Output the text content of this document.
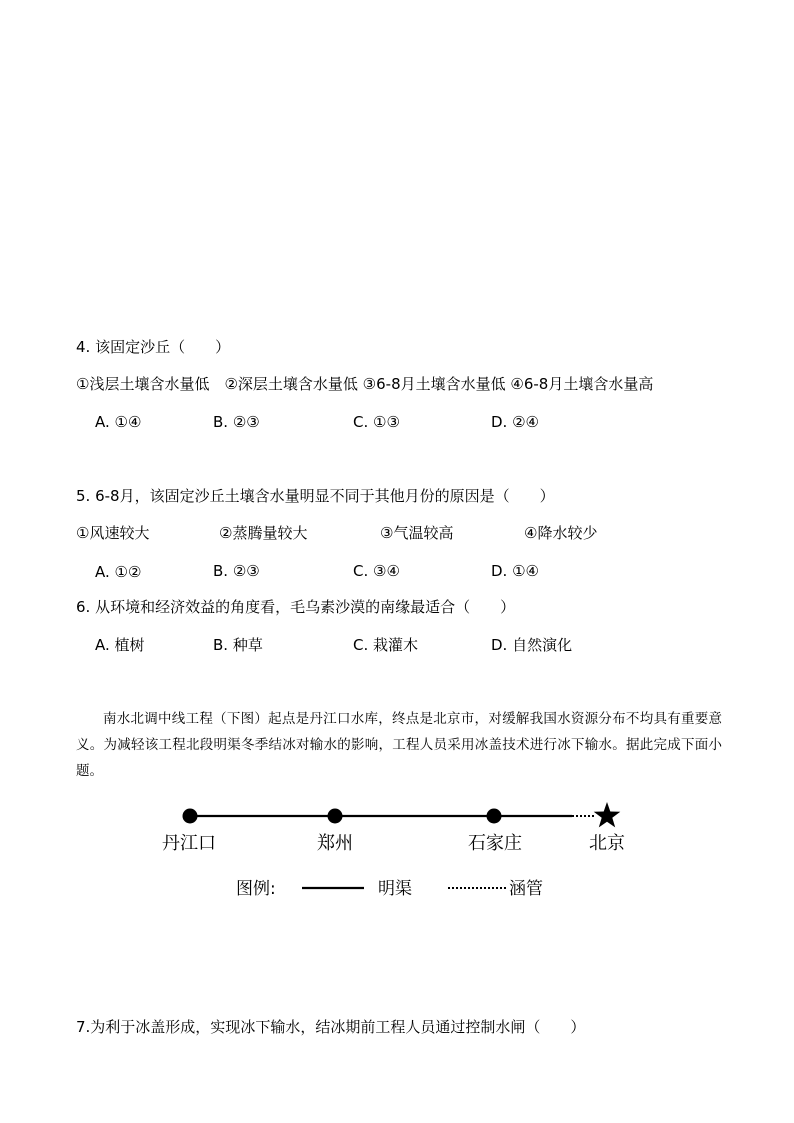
4. 该固定沙丘（　　）
①浅层土壤含水量低　②深层土壤含水量低 ③6-8月土壤含水量低 ④6-8月土壤含水量高
A. ①④	B. ②③	C. ①③	D. ②④
5. 6-8月，该固定沙丘土壤含水量明显不同于其他月份的原因是（　　）
①风速较大	②蒸腾量较大	③气温较高	④降水较少
A. ①②	B. ②③	C. ③④	D. ①④
6. 从环境和经济效益的角度看，毛乌素沙漠的南缘最适合（　　）
A. 植树	B. 种草	C. 栽灌木	D. 自然演化

南水北调中线工程（下图）起点是丹江口水库，终点是北京市，对缓解我国水资源分布不均具有重要意义。为减轻该工程北段明渠冬季结冰对输水的影响，工程人员采用冰盖技术进行冰下输水。据此完成下面小题。

丹江口	郑州	石家庄	北京
图例:	明渠	涵管
7.为利于冰盖形成，实现冰下输水，结冰期前工程人员通过控制水闸（　　）
